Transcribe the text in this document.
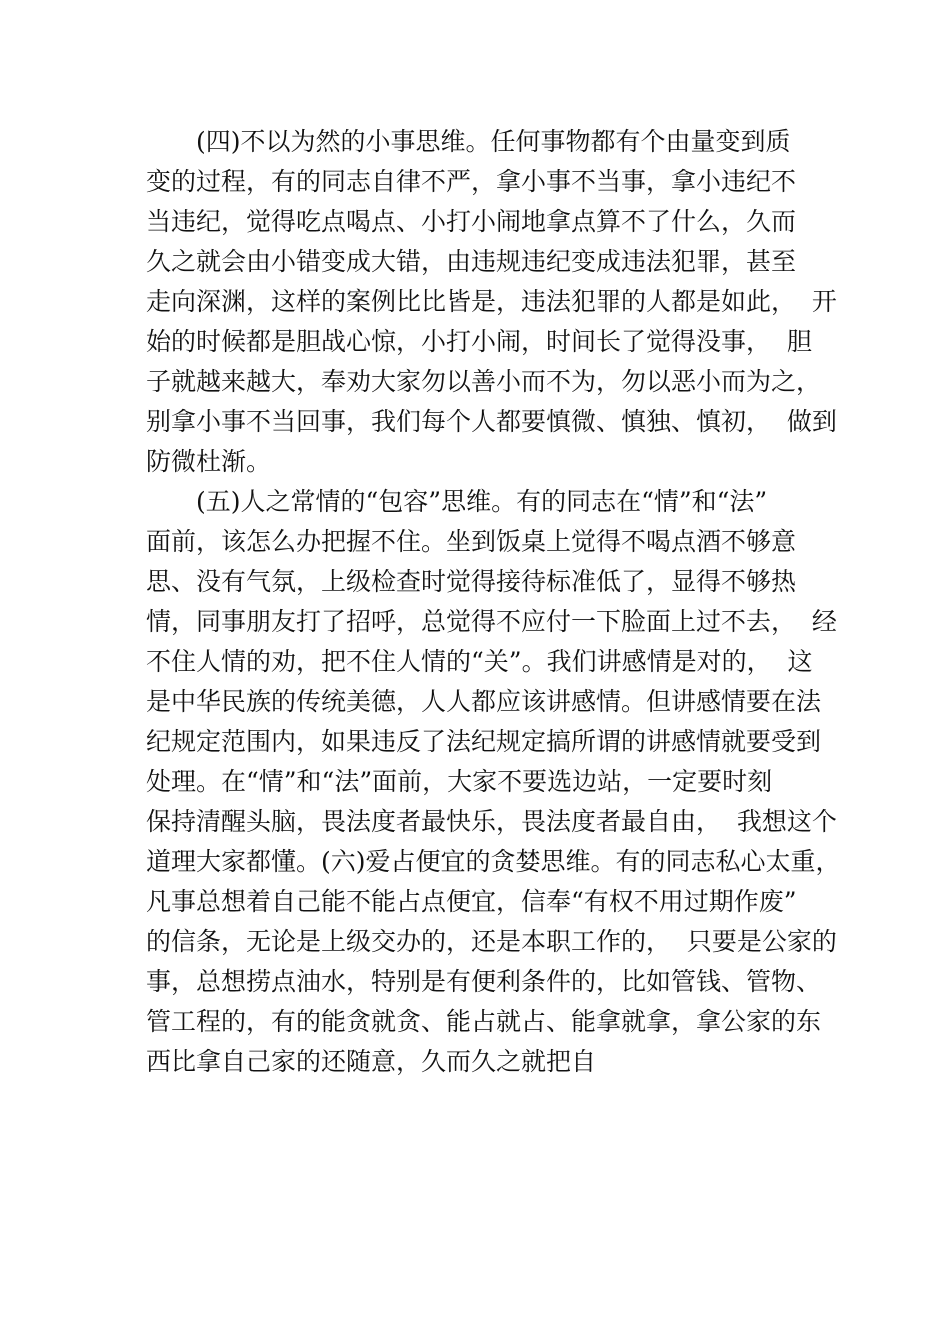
(四)不以为然的小事思维。任何事物都有个由量变到质
变的过程，有的同志自律不严，拿小事不当事，拿小违纪不
当违纪，觉得吃点喝点、小打小闹地拿点算不了什么，久而
久之就会由小错变成大错，由违规违纪变成违法犯罪，甚至
走向深渊，这样的案例比比皆是，违法犯罪的人都是如此，  开
始的时候都是胆战心惊，小打小闹，时间长了觉得没事，  胆
子就越来越大，奉劝大家勿以善小而不为，勿以恶小而为之，
别拿小事不当回事，我们每个人都要慎微、慎独、慎初，  做到
防微杜渐。
(五)人之常情的“包容”思维。有的同志在“情”和“法”
面前，该怎么办把握不住。坐到饭桌上觉得不喝点酒不够意
思、没有气氛，上级检查时觉得接待标准低了，显得不够热
情，同事朋友打了招呼，总觉得不应付一下脸面上过不去，  经
不住人情的劝，把不住人情的“关”。我们讲感情是对的，  这
是中华民族的传统美德，人人都应该讲感情。但讲感情要在法
纪规定范围内，如果违反了法纪规定搞所谓的讲感情就要受到
处理。在“情”和“法”面前，大家不要选边站，一定要时刻
保持清醒头脑，畏法度者最快乐，畏法度者最自由，  我想这个
道理大家都懂。(六)爱占便宜的贪婪思维。有的同志私心太重，
凡事总想着自己能不能占点便宜，信奉“有权不用过期作废”
的信条，无论是上级交办的，还是本职工作的，  只要是公家的
事，总想捞点油水，特别是有便利条件的，比如管钱、管物、
管工程的，有的能贪就贪、能占就占、能拿就拿，拿公家的东
西比拿自己家的还随意，久而久之就把自
